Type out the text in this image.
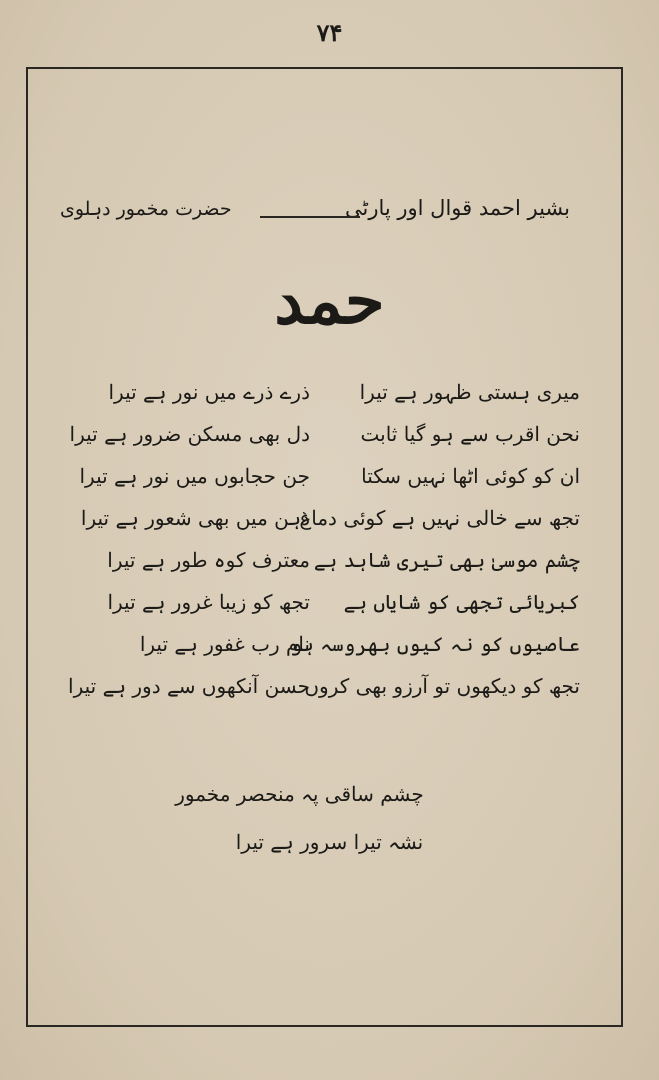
۷۴
بشیر احمد قوال اور پارٹی
حضرت مخمور دہلوی
حمد
میری ہستی ظہور ہے تیرا
ذرے ذرے میں نور ہے تیرا
نحن اقرب سے ہو گیا ثابت
دل بھی مسکن ضرور ہے تیرا
ان کو کوئی اٹھا نہیں سکتا
جن حجابوں میں نور ہے تیرا
تجھ سے خالی نہیں ہے کوئی دماغ
ذہن میں بھی شعور ہے تیرا
چشم موسیٰ بھی تیری شاہد ہے
معترف کوہ طور ہے تیرا
کبریائی تجھی کو شایاں ہے
تجھ کو زیبا غرور ہے تیرا
عاصیوں کو نہ کیوں بھروسہ ہو
نام رب غفور ہے تیرا
تجھ کو دیکھوں تو آرزو بھی کروں
حسن آنکھوں سے دور ہے تیرا
چشم ساقی پہ منحصر مخمور
نشہ تیرا سرور ہے تیرا
